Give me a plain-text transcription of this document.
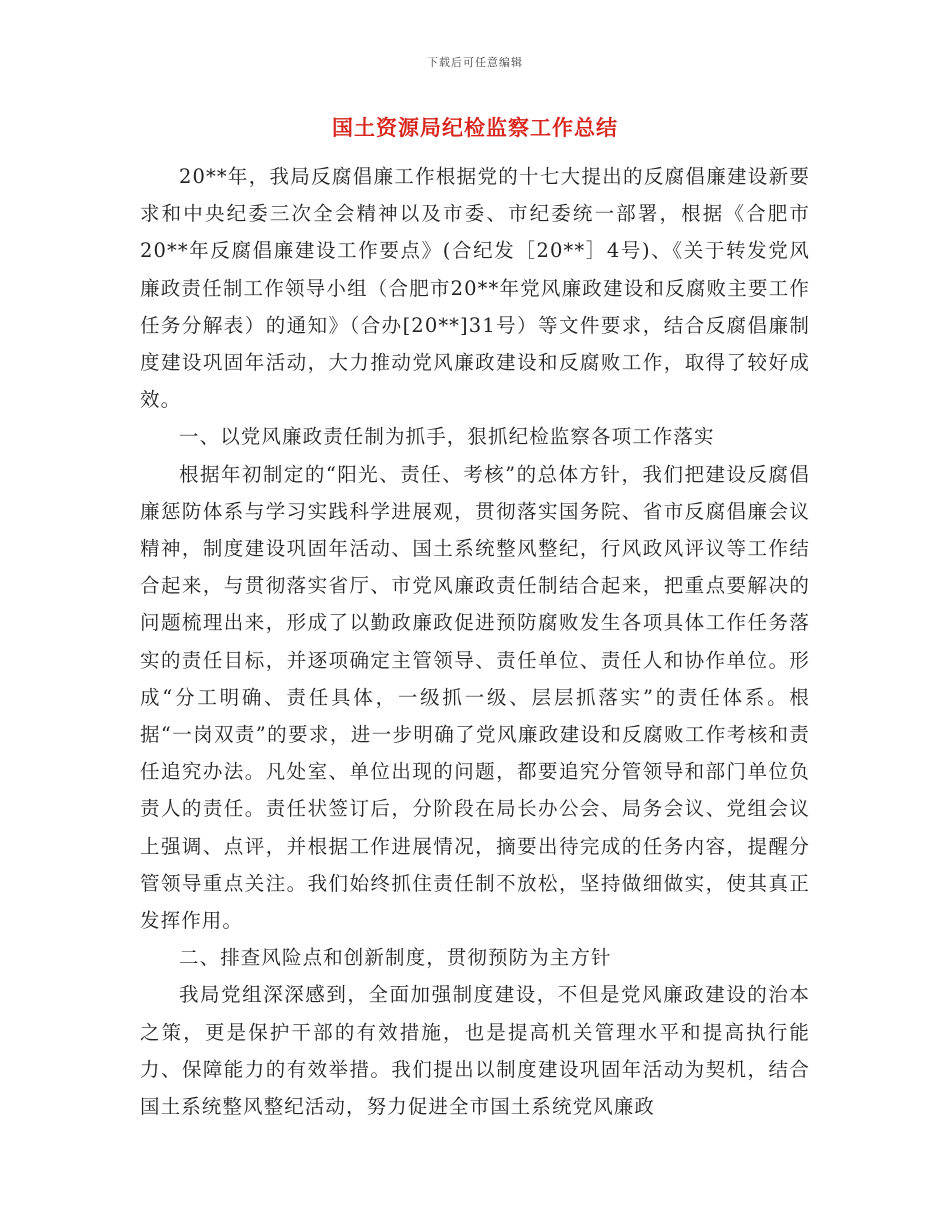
下载后可任意编辑
国土资源局纪检监察工作总结

20**年，我局反腐倡廉工作根据党的十七大提出的反腐倡廉建设新要求和中央纪委三次全会精神以及市委、市纪委统一部署，根据《合肥市20**年反腐倡廉建设工作要点》(合纪发［20**］4号)、《关于转发党风廉政责任制工作领导小组（合肥市20**年党风廉政建设和反腐败主要工作任务分解表）的通知》（合办[20**]31号）等文件要求，结合反腐倡廉制度建设巩固年活动，大力推动党风廉政建设和反腐败工作，取得了较好成效。

一、以党风廉政责任制为抓手，狠抓纪检监察各项工作落实

根据年初制定的“阳光、责任、考核”的总体方针，我们把建设反腐倡廉惩防体系与学习实践科学进展观，贯彻落实国务院、省市反腐倡廉会议精神，制度建设巩固年活动、国土系统整风整纪，行风政风评议等工作结合起来，与贯彻落实省厅、市党风廉政责任制结合起来，把重点要解决的问题梳理出来，形成了以勤政廉政促进预防腐败发生各项具体工作任务落实的责任目标，并逐项确定主管领导、责任单位、责任人和协作单位。形成“分工明确、责任具体，一级抓一级、层层抓落实”的责任体系。根据“一岗双责”的要求，进一步明确了党风廉政建设和反腐败工作考核和责任追究办法。凡处室、单位出现的问题，都要追究分管领导和部门单位负责人的责任。责任状签订后，分阶段在局长办公会、局务会议、党组会议上强调、点评，并根据工作进展情况，摘要出待完成的任务内容，提醒分管领导重点关注。我们始终抓住责任制不放松，坚持做细做实，使其真正发挥作用。

二、排查风险点和创新制度，贯彻预防为主方针

我局党组深深感到，全面加强制度建设，不但是党风廉政建设的治本之策，更是保护干部的有效措施，也是提高机关管理水平和提高执行能力、保障能力的有效举措。我们提出以制度建设巩固年活动为契机，结合国土系统整风整纪活动，努力促进全市国土系统党风廉政
